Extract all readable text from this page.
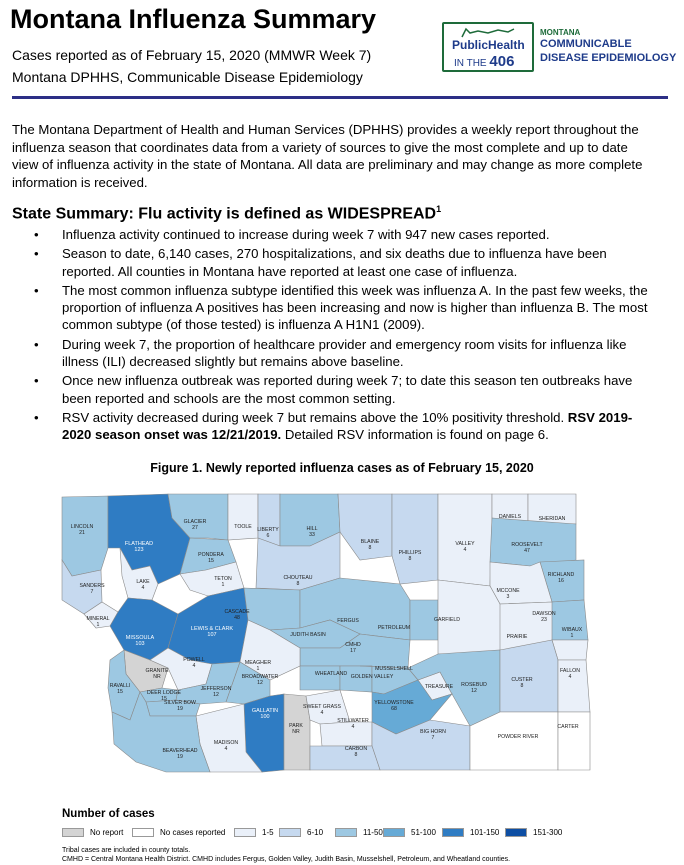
Montana Influenza Summary
Cases reported as of February 15, 2020 (MMWR Week 7)
Montana DPHHS, Communicable Disease Epidemiology
PublicHealth
IN THE 406
MONTANA
COMMUNICABLE
DISEASE EPIDEMIOLOGY
The Montana Department of Health and Human Services (DPHHS) provides a weekly report throughout the influenza season that coordinates data from a variety of sources to give the most complete and up to date view of influenza activity in the state of Montana. All data are preliminary and may change as more complete information is received.
State Summary: Flu activity is defined as WIDESPREAD$^1$
• Influenza activity continued to increase during week 7 with 947 new cases reported.
• Season to date, 6,140 cases, 270 hospitalizations, and six deaths due to influenza have been reported. All counties in Montana have reported at least one case of influenza.
• The most common influenza subtype identified this week was influenza A. In the past few weeks, the proportion of influenza A positives has been increasing and now is higher than influenza B. The most common subtype (of those tested) is influenza A H1N1 (2009).
• During week 7, the proportion of healthcare provider and emergency room visits for influenza like illness (ILI) decreased slightly but remains above baseline.
• Once new influenza outbreak was reported during week 7; to date this season ten outbreaks have been reported and schools are the most common setting.
• RSV activity decreased during week 7 but remains above the 10% positivity threshold. RSV 2019-2020 season onset was 12/21/2019. Detailed RSV information is found on page 6.
Figure 1. Newly reported influenza cases as of February 15, 2020
LINCOLN
21
FLATHEAD
123
GLACIER
27	TOOLE LIBERTY
6
HILL
33
BLAINE
8
PHILLIPS
8
VALLEY
4
DANIELS	SHERIDAN
ROOSEVELT
47
RICHLAND
16
PONDERA
15
TETON
1
CHOUTEAU
8
SANDERS
7
LAKE
4	MCCONE
3
DAWSON
23
MINERAL
1
MISSOULA
103
LEWIS & CLARK
107
CASCADE
48	FERGUS
JUDITH BASIN
PETROLEUM
CMHD
17
GARFIELD
PRAIRIE
WIBAUX
1
GRANITE
NR
POWELL
4	MEAGHER
1
WHEATLAND GOLDEN VALLEY
MUSSELSHELL
TREASURE ROSEBUD
12
CUSTER
8
FALLON
4
RAVALLI
15	DEER LODGE
15
JEFFERSON
12
SILVER BOW
19
BROADWATER
12
YELLOWSTONE
68
GALLATIN
100
PARK
NR
SWEET GRASS
4
STILLWATER
4
BIG HORN
7	POWDER RIVER
CARTER
CARBON
8
MADISON
4
BEAVERHEAD
19
Number of cases
No report	No cases reported	1-5	6-10	11-50	51-100	101-150	151-300
Tribal cases are included in county totals.
CMHD = Central Montana Health District. CMHD includes Fergus, Golden Valley, Judith Basin, Musselshell, Petroleum, and Wheatland counties.
